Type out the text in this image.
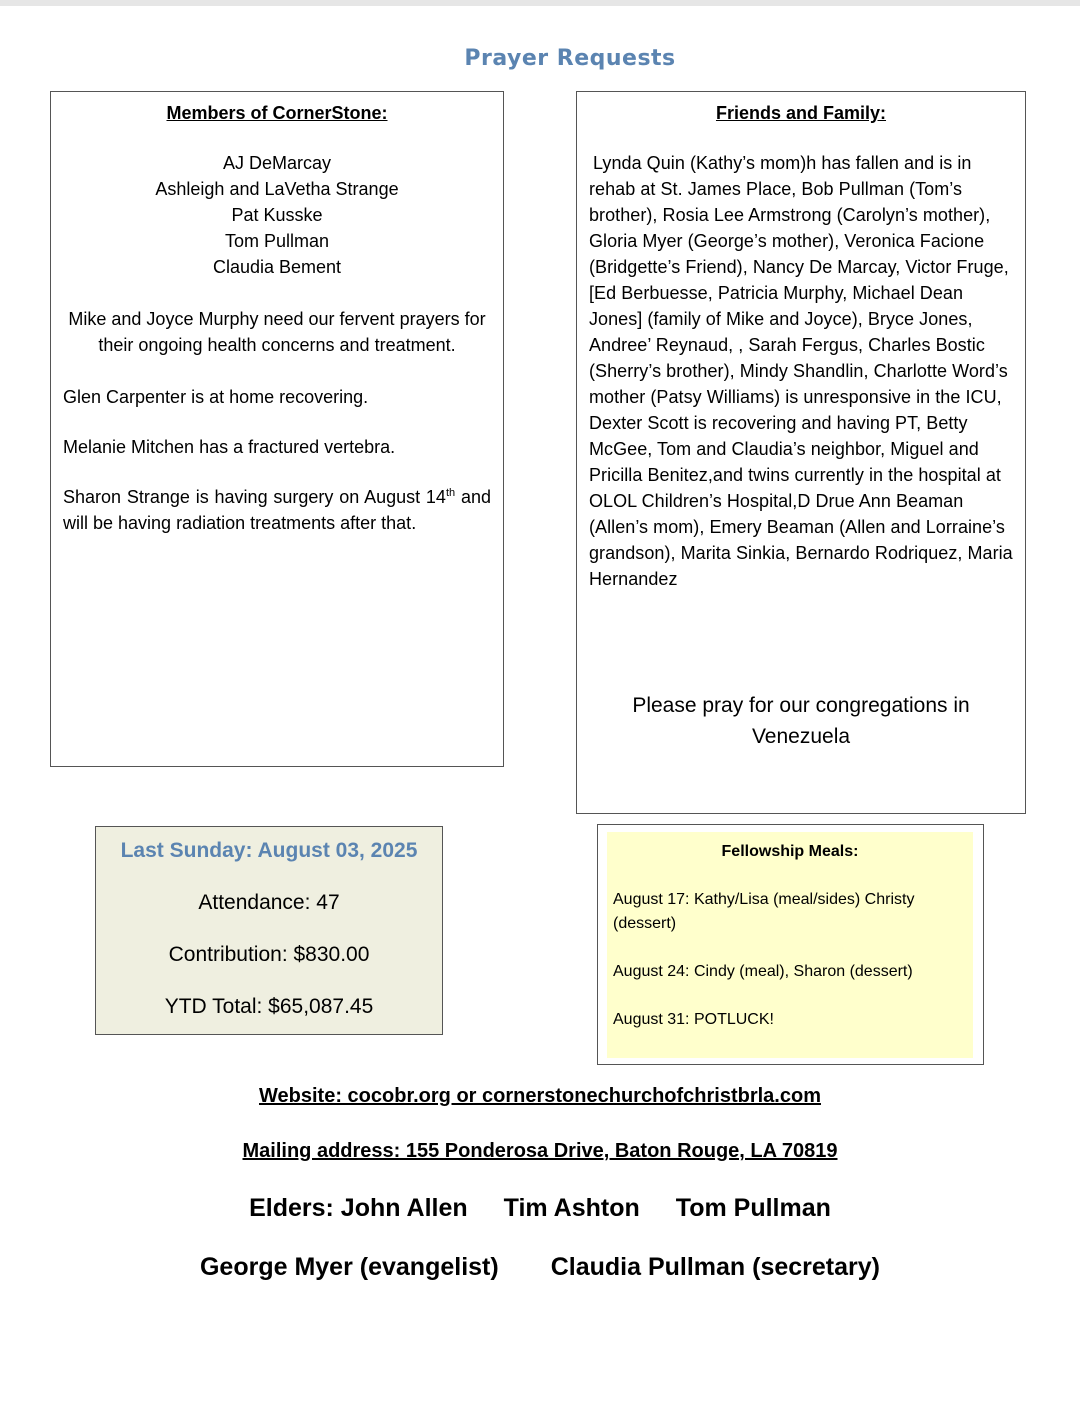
Prayer Requests
Members of CornerStone:
AJ DeMarcay
Ashleigh and LaVetha Strange
Pat Kusske
Tom Pullman
Claudia Bement
Mike and Joyce Murphy need our fervent prayers for their ongoing health concerns and treatment.
Glen Carpenter is at home recovering.
Melanie Mitchen has a fractured vertebra.
Sharon Strange is having surgery on August 14th and will be having radiation treatments after that.
Friends and Family:
Lynda Quin (Kathy’s mom)h has fallen and is in rehab at St. James Place, Bob Pullman (Tom’s brother), Rosia Lee Armstrong (Carolyn’s mother), Gloria Myer (George’s mother), Veronica Facione (Bridgette’s Friend), Nancy De Marcay, Victor Fruge, [Ed Berbuesse, Patricia Murphy, Michael Dean Jones] (family of Mike and Joyce), Bryce Jones, Andree’ Reynaud, , Sarah Fergus, Charles Bostic (Sherry’s brother), Mindy Shandlin, Charlotte Word’s mother (Patsy Williams) is unresponsive in the ICU, Dexter Scott is recovering and having PT, Betty McGee, Tom and Claudia’s neighbor, Miguel and Pricilla Benitez,and twins currently in the hospital at OLOL Children’s Hospital,D Drue Ann Beaman (Allen’s mom), Emery Beaman (Allen and Lorraine’s grandson), Marita Sinkia, Bernardo Rodriquez, Maria Hernandez
Please pray for our congregations in Venezuela
Last Sunday: August 03, 2025
Attendance: 47
Contribution: $830.00
YTD Total: $65,087.45
Fellowship Meals:
August 17: Kathy/Lisa (meal/sides) Christy (dessert)
August 24: Cindy (meal), Sharon (dessert)
August 31: POTLUCK!
Website: cocobr.org or cornerstonechurchofchristbrla.com
Mailing address: 155 Ponderosa Drive, Baton Rouge, LA 70819
Elders: John Allen Tim Ashton Tom Pullman
George Myer (evangelist) Claudia Pullman (secretary)
